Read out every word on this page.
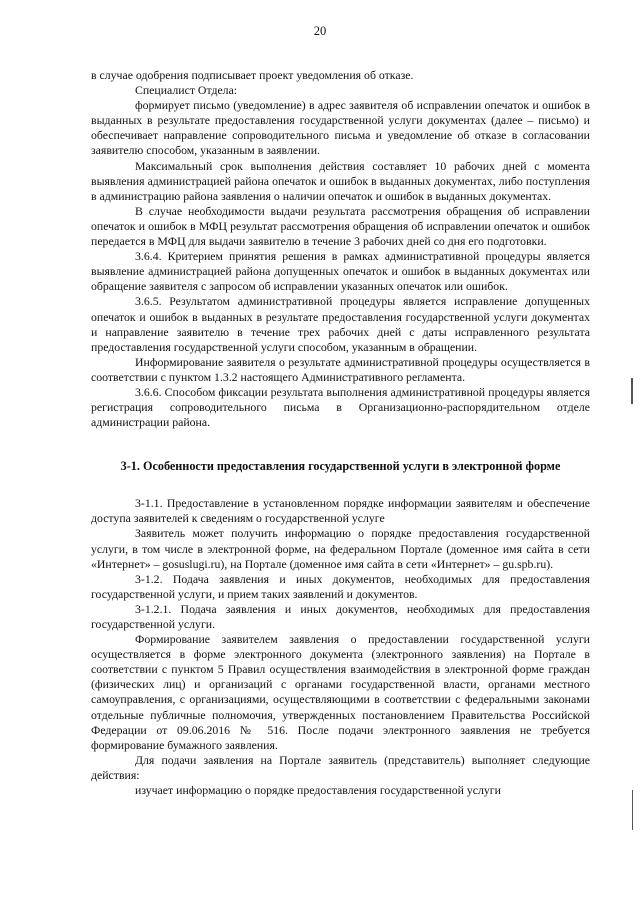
20

в случае одобрения подписывает проект уведомления об отказе.

Специалист Отдела:

формирует письмо (уведомление) в адрес заявителя об исправлении опечаток и ошибок в выданных в результате предоставления государственной услуги документах (далее – письмо) и обеспечивает направление сопроводительного письма и уведомление об отказе в согласовании заявителю способом, указанным в заявлении.

Максимальный срок выполнения действия составляет 10 рабочих дней с момента выявления администрацией района опечаток и ошибок в выданных документах, либо поступления в администрацию района заявления о наличии опечаток и ошибок в выданных документах.

В случае необходимости выдачи результата рассмотрения обращения об исправлении опечаток и ошибок в МФЦ результат рассмотрения обращения об исправлении опечаток и ошибок передается в МФЦ для выдачи заявителю в течение 3 рабочих дней со дня его подготовки.

3.6.4. Критерием принятия решения в рамках административной процедуры является выявление администрацией района допущенных опечаток и ошибок в выданных документах или обращение заявителя с запросом об исправлении указанных опечаток или ошибок.

3.6.5. Результатом административной процедуры является исправление допущенных опечаток и ошибок в выданных в результате предоставления государственной услуги документах и направление заявителю в течение трех рабочих дней с даты исправленного результата предоставления государственной услуги способом, указанным в обращении.

Информирование заявителя о результате административной процедуры осуществляется в соответствии с пунктом 1.3.2 настоящего Административного регламента.

3.6.6. Способом фиксации результата выполнения административной процедуры является регистрация сопроводительного письма в Организационно-распорядительном отделе администрации района.

3-1. Особенности предоставления государственной услуги в электронной форме

3-1.1. Предоставление в установленном порядке информации заявителям и обеспечение доступа заявителей к сведениям о государственной услуге

Заявитель может получить информацию о порядке предоставления государственной услуги, в том числе в электронной форме, на федеральном Портале (доменное имя сайта в сети «Интернет» – gosuslugi.ru), на Портале (доменное имя сайта в сети «Интернет» – gu.spb.ru).

3-1.2. Подача заявления и иных документов, необходимых для предоставления государственной услуги, и прием таких заявлений и документов.

3-1.2.1. Подача заявления и иных документов, необходимых для предоставления государственной услуги.

Формирование заявителем заявления о предоставлении государственной услуги осуществляется в форме электронного документа (электронного заявления) на Портале в соответствии с пунктом 5 Правил осуществления взаимодействия в электронной форме граждан (физических лиц) и организаций с органами государственной власти, органами местного самоуправления, с организациями, осуществляющими в соответствии с федеральными законами отдельные публичные полномочия, утвержденных постановлением Правительства Российской Федерации от 09.06.2016 № 516. После подачи электронного заявления не требуется формирование бумажного заявления.

Для подачи заявления на Портале заявитель (представитель) выполняет следующие действия:

изучает информацию о порядке предоставления государственной услуги
